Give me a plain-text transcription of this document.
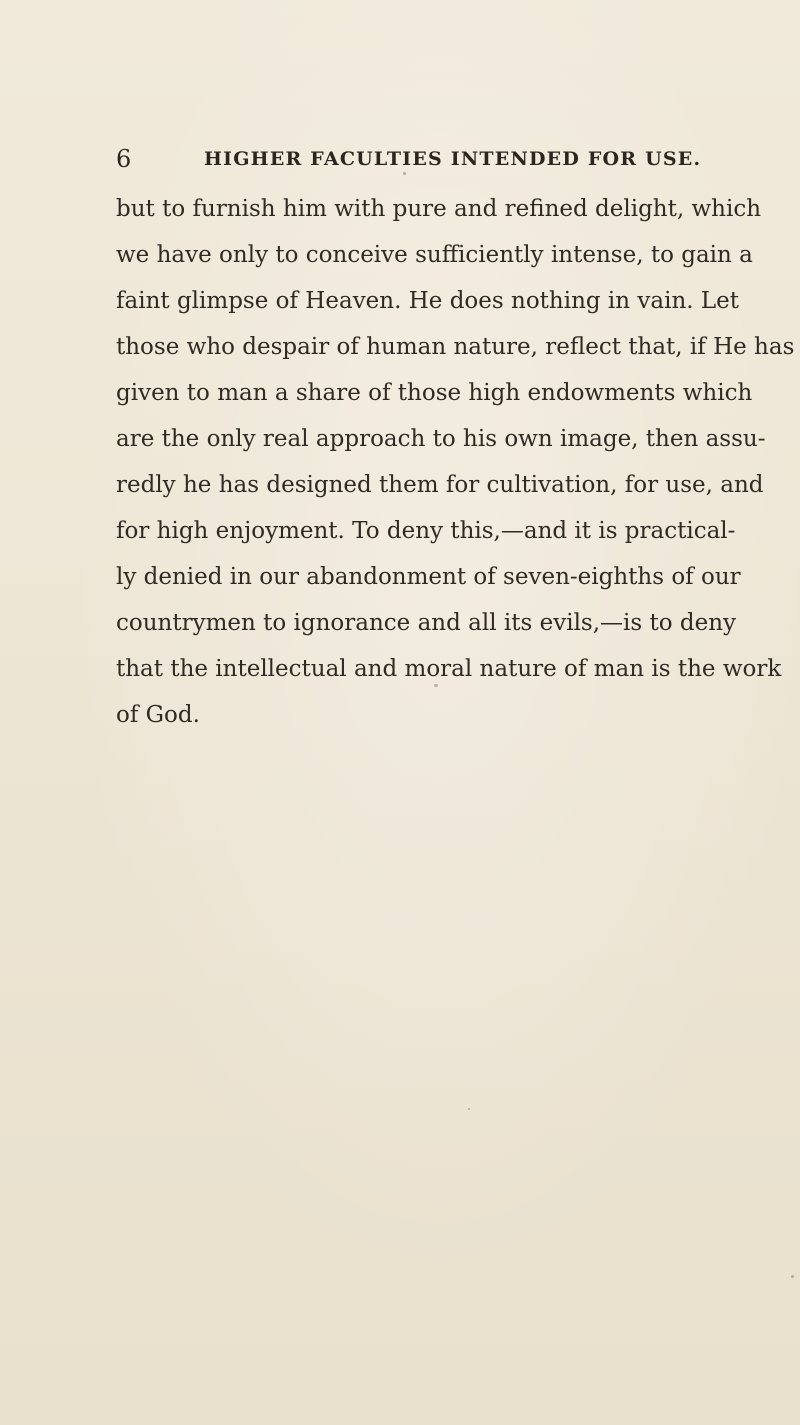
6	HIGHER FACULTIES INTENDED FOR USE.
but to furnish him with pure and refined delight, which
we have only to conceive sufficiently intense, to gain a
faint glimpse of Heaven. He does nothing in vain. Let
those who despair of human nature, reflect that, if He has
given to man a share of those high endowments which
are the only real approach to his own image, then assu-
redly he has designed them for cultivation, for use, and
for high enjoyment. To deny this,—and it is practical-
ly denied in our abandonment of seven-eighths of our
countrymen to ignorance and all its evils,—is to deny
that the intellectual and moral nature of man is the work
of God.
